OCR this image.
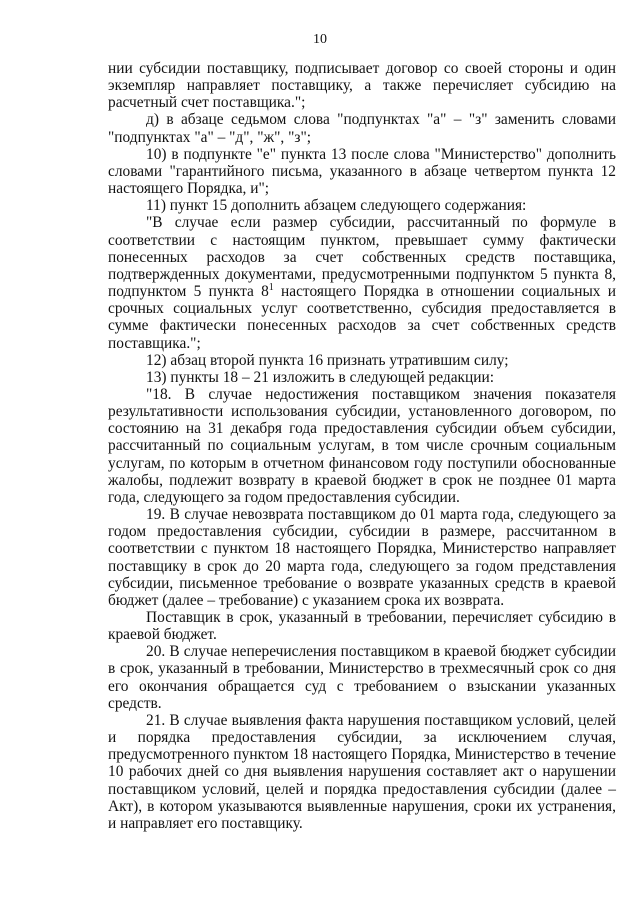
10

нии субсидии поставщику, подписывает договор со своей стороны и один экземпляр направляет поставщику, а также перечисляет субсидию на расчетный счет поставщика.";

д) в абзаце седьмом слова "подпунктах "а" – "з" заменить словами "подпунктах "а" – "д", "ж", "з";

10) в подпункте "е" пункта 13 после слова "Министерство" дополнить словами "гарантийного письма, указанного в абзаце четвертом пункта 12 настоящего Порядка, и";

11) пункт 15 дополнить абзацем следующего содержания:

"В случае если размер субсидии, рассчитанный по формуле в соответствии с настоящим пунктом, превышает сумму фактически понесенных расходов за счет собственных средств поставщика, подтвержденных документами, предусмотренными подпунктом 5 пункта 8, подпунктом 5 пункта $8^1$ настоящего Порядка в отношении социальных и срочных социальных услуг соответственно, субсидия предоставляется в сумме фактически понесенных расходов за счет собственных средств поставщика.";

12) абзац второй пункта 16 признать утратившим силу;

13) пункты 18 – 21 изложить в следующей редакции:

"18. В случае недостижения поставщиком значения показателя результативности использования субсидии, установленного договором, по состоянию на 31 декабря года предоставления субсидии объем субсидии, рассчитанный по социальным услугам, в том числе срочным социальным услугам, по которым в отчетном финансовом году поступили обоснованные жалобы, подлежит возврату в краевой бюджет в срок не позднее 01 марта года, следующего за годом предоставления субсидии.

19. В случае невозврата поставщиком до 01 марта года, следующего за годом предоставления субсидии, субсидии в размере, рассчитанном в соответствии с пунктом 18 настоящего Порядка, Министерство направляет поставщику в срок до 20 марта года, следующего за годом представления субсидии, письменное требование о возврате указанных средств в краевой бюджет (далее – требование) с указанием срока их возврата.

Поставщик в срок, указанный в требовании, перечисляет субсидию в краевой бюджет.

20. В случае неперечисления поставщиком в краевой бюджет субсидии в срок, указанный в требовании, Министерство в трехмесячный срок со дня его окончания обращается суд с требованием о взыскании указанных средств.

21. В случае выявления факта нарушения поставщиком условий, целей и порядка предоставления субсидии, за исключением случая, предусмотренного пунктом 18 настоящего Порядка, Министерство в течение 10 рабочих дней со дня выявления нарушения составляет акт о нарушении поставщиком условий, целей и порядка предоставления субсидии (далее – Акт), в котором указываются выявленные нарушения, сроки их устранения, и направляет его поставщику.
